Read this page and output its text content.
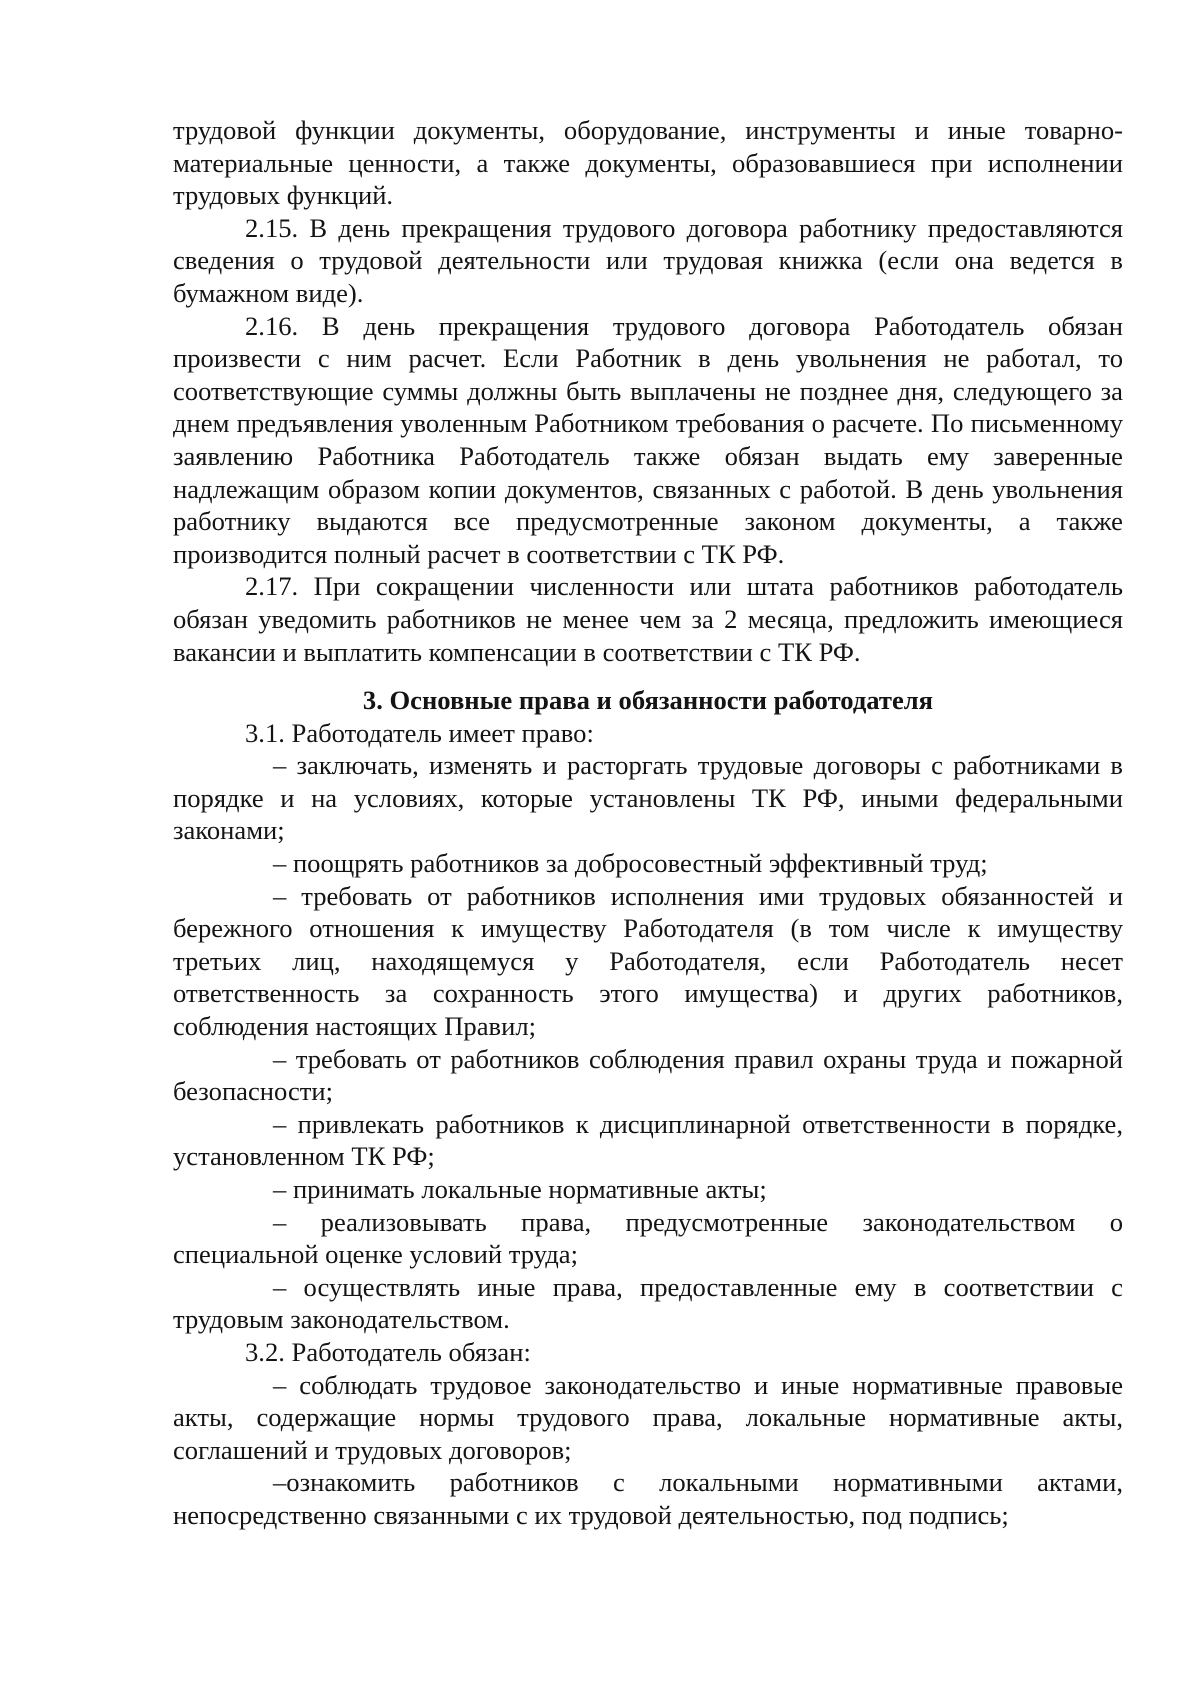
трудовой функции документы, оборудование, инструменты и иные товарно-материальные ценности, а также документы, образовавшиеся при исполнении трудовых функций.

2.15. В день прекращения трудового договора работнику предоставляются сведения о трудовой деятельности или трудовая книжка (если она ведется в бумажном виде).

2.16. В день прекращения трудового договора Работодатель обязан произвести с ним расчет. Если Работник в день увольнения не работал, то соответствующие суммы должны быть выплачены не позднее дня, следующего за днем предъявления уволенным Работником требования о расчете. По письменному заявлению Работника Работодатель также обязан выдать ему заверенные надлежащим образом копии документов, связанных с работой. В день увольнения работнику выдаются все предусмотренные законом документы, а также производится полный расчет в соответствии с ТК РФ.

2.17. При сокращении численности или штата работников работодатель обязан уведомить работников не менее чем за 2 месяца, предложить имеющиеся вакансии и выплатить компенсации в соответствии с ТК РФ.

3. Основные права и обязанности работодателя

3.1. Работодатель имеет право:

– заключать, изменять и расторгать трудовые договоры с работниками в порядке и на условиях, которые установлены ТК РФ, иными федеральными законами;

– поощрять работников за добросовестный эффективный труд;

– требовать от работников исполнения ими трудовых обязанностей и бережного отношения к имуществу Работодателя (в том числе к имуществу третьих лиц, находящемуся у Работодателя, если Работодатель несет ответственность за сохранность этого имущества) и других работников, соблюдения настоящих Правил;

– требовать от работников соблюдения правил охраны труда и пожарной безопасности;

– привлекать работников к дисциплинарной ответственности в порядке, установленном ТК РФ;

– принимать локальные нормативные акты;

– реализовывать права, предусмотренные законодательством о специальной оценке условий труда;

– осуществлять иные права, предоставленные ему в соответствии с трудовым законодательством.

3.2. Работодатель обязан:

– соблюдать трудовое законодательство и иные нормативные правовые акты, содержащие нормы трудового права, локальные нормативные акты, соглашений и трудовых договоров;

–ознакомить работников с локальными нормативными актами, непосредственно связанными с их трудовой деятельностью, под подпись;
